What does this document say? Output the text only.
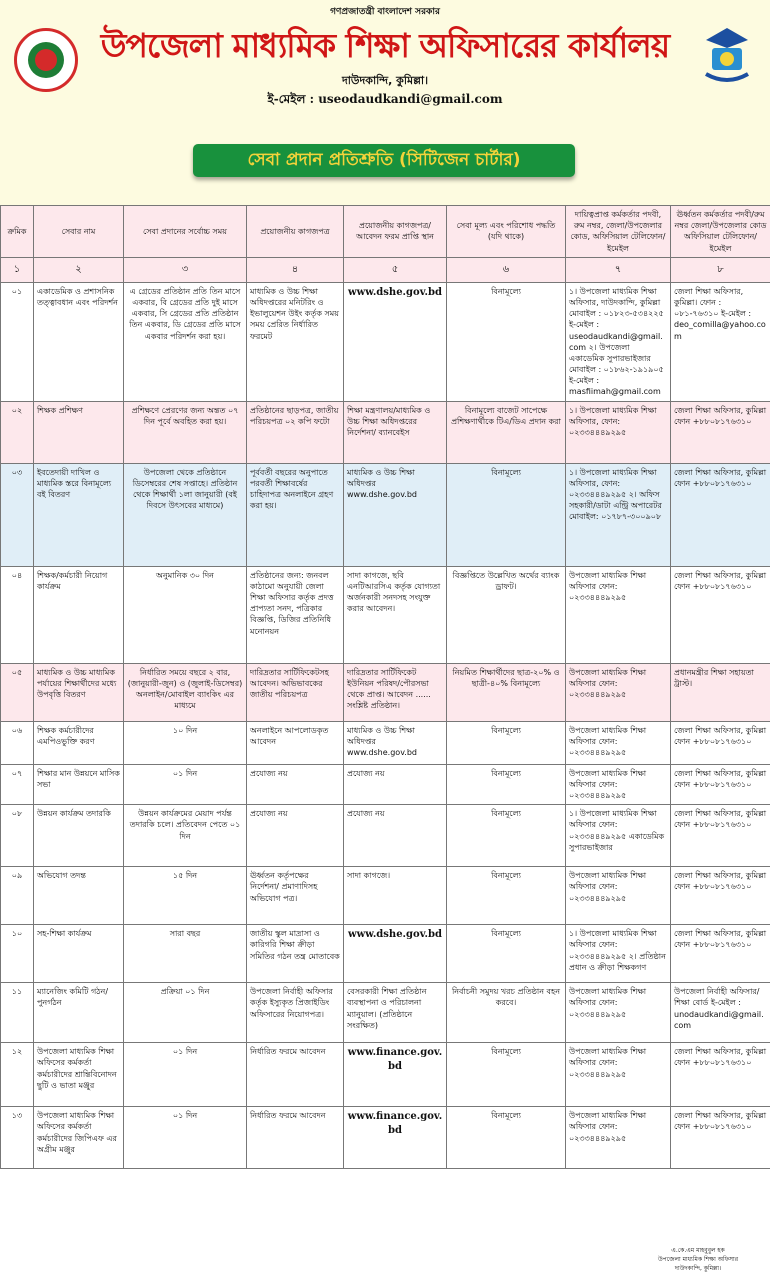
গণপ্রজাতন্ত্রী বাংলাদেশ সরকার
উপজেলা মাধ্যমিক শিক্ষা অফিসারের কার্যালয়
দাউদকান্দি, কুমিল্লা।
ই-মেইল : useodaudkandi@gmail.com
সেবা প্রদান প্রতিশ্রুতি (সিটিজেন চার্টার)
ক্রমিক	সেবার নাম	সেবা প্রদানের সর্বোচ্চ সময়	প্রয়োজনীয় কাগজপত্র	প্রয়োজনীয় কাগজপত্র/ আবেদন ফরম প্রাপ্তি স্থান	সেবা মূল্য এবং পরিশোধ পদ্ধতি (যদি থাকে)	দায়িত্বপ্রাপ্ত কর্মকর্তার পদবী, রুম নম্বর, জেলা/উপজেলার কোড, অফিসিয়াল টেলিফোন/ইমেইল	ঊর্ধ্বতন কর্মকর্তার পদবী/রুম নম্বর জেলা/উপজেলার কোড অফিসিয়াল টেলিফোন/ইমেইল
১	২	৩	৪	৫	৬	৭	৮
০১	একাডেমিক ও প্রশাসনিক তত্ত্বাবধান এবং পরিদর্শন	এ গ্রেডের প্রতিষ্ঠান প্রতি তিন মাসে একবার, বি গ্রেডের প্রতি দুই মাসে একবার, সি গ্রেডের প্রতি প্রতিষ্ঠান তিন একবার, ডি গ্রেডের প্রতি মাসে একবার পরিদর্শন করা হয়।	মাধ্যমিক ও উচ্চ শিক্ষা অধিদপ্তরের মনিটরিং ও ইভালুয়েশন উইং কর্তৃক সময় সময় প্রেরিত নির্ধারিত ফরমেট	www.dshe.gov.bd	বিনামূল্যে	১। উপজেলা মাধ্যমিক শিক্ষা অফিসার, দাউদকান্দি, কুমিল্লা মোবাইল : ০১৮২৩-৫৩৪২২৫ ই-মেইল : useodaudkandi@gmail.com ২। উপজেলা একাডেমিক সুপারভাইজার মোবাইল : ০১৮৬২-১৯১৯০৫ ই-মেইল : masfiimah@gmail.com	জেলা শিক্ষা অফিসার, কুমিল্লা। ফোন : ০৮১-৭৬৩১০ ই-মেইল : deo_comilla@yahoo.com
০২	শিক্ষক প্রশিক্ষণ	প্রশিক্ষণে প্রেরণের জন্য অন্তত ০৭ দিন পূর্বে অবহিত করা হয়।	প্রতিষ্ঠানের ছাড়পত্র, জাতীয় পরিচয়পত্র ০২ কপি ফটো	শিক্ষা মন্ত্রণালয়/মাধ্যমিক ও উচ্চ শিক্ষা অধিদপ্তরের নির্দেশনা/ ব্যানবেইস	বিনামূল্যে বাজেট সাপেক্ষে প্রশিক্ষণার্থীকে টিএ/ডিএ প্রদান করা	১। উপজেলা মাধ্যমিক শিক্ষা অফিসার, ফোন: ০২৩৩৪৪৪৯২৯৫	জেলা শিক্ষা অফিসার, কুমিল্লা ফোন +৮৮০৮১৭৬৩১০
০৩	ইবতেদায়ী দাখিল ও মাধ্যমিক স্তরে বিনামূল্যে বই বিতরণ	উপজেলা থেকে প্রতিষ্ঠানে ডিসেম্বরের শেষ সপ্তাহে। প্রতিষ্ঠান থেকে শিক্ষার্থী ১লা জানুয়ারী (বই দিবসে উৎসবের মাধ্যমে)	পূর্ববর্তী বছরের অনুপাতে পরবর্তী শিক্ষাবর্ষের চাহিদাপত্র অনলাইনে গ্রহণ করা হয়।	মাধ্যমিক ও উচ্চ শিক্ষা অধিদপ্তর www.dshe.gov.bd	বিনামূল্যে	১। উপজেলা মাধ্যমিক শিক্ষা অফিসার, ফোন: ০২৩৩৪৪৪৯২৯৫ ২। অফিস সহকারী/ডাটা এন্ট্রি অপারেটর মোবাইল: ০১৭৮৭-৩০০৯০৮	জেলা শিক্ষা অফিসার, কুমিল্লা ফোন +৮৮০৮১৭৬৩১০
০৪	শিক্ষক/কর্মচারী নিয়োগ কার্যক্রম	অনুমানিক ৩০ দিন	প্রতিষ্ঠানের জন্য: জনবল কাঠামো অনুযায়ী জেলা শিক্ষা অফিসার কর্তৃক প্রদত্ত প্রাপ্যতা সনদ, পত্রিকার বিজ্ঞপ্তি, ডিজির প্রতিনিধি মনোনয়ন	সাদা কাগজে, ছবি এনটিআরসিএ কর্তৃক যোগ্যতা অর্জনকারী সনদসহ সংযুক্ত করার আবেদন।	বিজ্ঞপ্তিতে উল্লেখিত অর্থের ব্যাংক ড্রাফট।	উপজেলা মাধ্যমিক শিক্ষা অফিসার ফোন: ০২৩৩৪৪৪৯২৯৫	জেলা শিক্ষা অফিসার, কুমিল্লা ফোন +৮৮০৮১৭৬৩১০
০৫	মাধ্যমিক ও উচ্চ মাধ্যমিক পর্যায়ের শিক্ষার্থীদের মধ্যে উপবৃত্তি বিতরণ	নির্ধারিত সময়ে বছরে ২ বার, (জানুয়ারী-জুন) ও (জুলাই-ডিসেম্বর) অনলাইন/মোবাইল ব্যাংকিং এর মাধ্যমে	দারিদ্রতার সার্টিফিকেটসহ আবেদন। অভিভাবকের জাতীয় পরিচয়পত্র	দারিদ্রতার সার্টিফিকেট ইউনিয়ন পরিষদ/পৌরসভা থেকে প্রাপ্ত। আবেদন ...... সংশ্লিষ্ট প্রতিষ্ঠান।	নিয়মিত শিক্ষার্থীদের ছাত্র-২০% ও ছাত্রী-৪০% বিনামূল্যে	উপজেলা মাধ্যমিক শিক্ষা অফিসার ফোন: ০২৩৩৪৪৪৯২৯৫	প্রধানমন্ত্রীর শিক্ষা সহায়তা ট্রাস্ট।
০৬	শিক্ষক কর্মচারীদের এমপিওভুক্তি করণ	১০ দিন	অনলাইনে আপলোডকৃত আবেদন	মাধ্যমিক ও উচ্চ শিক্ষা অধিদপ্তর www.dshe.gov.bd	বিনামূল্যে	উপজেলা মাধ্যমিক শিক্ষা অফিসার ফোন: ০২৩৩৪৪৪৯২৯৫	জেলা শিক্ষা অফিসার, কুমিল্লা ফোন +৮৮০৮১৭৬৩১০
০৭	শিক্ষার মান উন্নয়নে মাসিক সভা	০১ দিন	প্রযোজ্য নয়	প্রযোজ্য নয়	বিনামূল্যে	উপজেলা মাধ্যমিক শিক্ষা অফিসার ফোন: ০২৩৩৪৪৪৯২৯৫	জেলা শিক্ষা অফিসার, কুমিল্লা ফোন +৮৮০৮১৭৬৩১০
০৮	উন্নয়ন কার্যক্রম তদারকি	উন্নয়ন কার্যক্রমের মেয়াদ পর্যন্ত তদারকি চলে। প্রতিবেদন পেতে ০১ দিন	প্রযোজ্য নয়	প্রযোজ্য নয়	বিনামূল্যে	১। উপজেলা মাধ্যমিক শিক্ষা অফিসার ফোন: ০২৩৩৪৪৪৯২৯৫ একাডেমিক সুপারভাইজার	জেলা শিক্ষা অফিসার, কুমিল্লা ফোন +৮৮০৮১৭৬৩১০
০৯	অভিযোগ তদন্ত	১৫ দিন	ঊর্ধ্বতন কর্তৃপক্ষের নির্দেশনা/ প্রমাণাদিসহ অভিযোগ পত্র।	সাদা কাগজে।	বিনামূল্যে	উপজেলা মাধ্যমিক শিক্ষা অফিসার ফোন: ০২৩৩৪৪৪৯২৯৫	জেলা শিক্ষা অফিসার, কুমিল্লা ফোন +৮৮০৮১৭৬৩১০
১০	সহ-শিক্ষা কার্যক্রম	সারা বছর	জাতীয় স্কুল মাদ্রাসা ও কারিগরি শিক্ষা ক্রীড়া সমিতির গঠন তন্ত্র মোতাবেক	www.dshe.gov.bd	বিনামূল্যে	১। উপজেলা মাধ্যমিক শিক্ষা অফিসার ফোন: ০২৩৩৪৪৪৯২৯৫ ২। প্রতিষ্ঠান প্রধান ও ক্রীড়া শিক্ষকগণ	জেলা শিক্ষা অফিসার, কুমিল্লা ফোন +৮৮০৮১৭৬৩১০
১১	ম্যানেজিং কমিটি গঠন/পুনর্গঠন	প্রক্রিয়া ০১ দিন	উপজেলা নির্বাহী অফিসার কর্তৃক ইস্যুকৃত প্রিজাইডিং অফিসারের নিয়োগপত্র।	বেসরকারী শিক্ষা প্রতিষ্ঠান ব্যবস্থাপনা ও পরিচালনা ম্যানুয়াল। (প্রতিষ্ঠানে সংরক্ষিত)	নির্বাচনী সমুদয় খরচ প্রতিষ্ঠান বহন করবে।	উপজেলা মাধ্যমিক শিক্ষা অফিসার ফোন: ০২৩৩৪৪৪৯২৯৫	উপজেলা নির্বাহী অফিসার/শিক্ষা বোর্ড ই-মেইল : unodaudkandi@gmail.com
১২	উপজেলা মাধ্যমিক শিক্ষা অফিসের কর্মকর্তা কর্মচারীদের শ্রান্তিবিনোদন ছুটি ও ভাতা মঞ্জুর	০১ দিন	নির্ধারিত ফরমে আবেদন	www.finance.gov.bd	বিনামূল্যে	উপজেলা মাধ্যমিক শিক্ষা অফিসার ফোন: ০২৩৩৪৪৪৯২৯৫	জেলা শিক্ষা অফিসার, কুমিল্লা ফোন +৮৮০৮১৭৬৩১০
১৩	উপজেলা মাধ্যমিক শিক্ষা অফিসের কর্মকর্তা কর্মচারীদের জিপিএফ এর অগ্রীম মঞ্জুর	০১ দিন	নির্ধারিত ফরমে আবেদন	www.finance.gov.bd	বিনামূল্যে	উপজেলা মাধ্যমিক শিক্ষা অফিসার ফোন: ০২৩৩৪৪৪৯২৯৫	জেলা শিক্ষা অফিসার, কুমিল্লা ফোন +৮৮০৮১৭৬৩১০
এ.কে.এম মাহবুবুল হক
উপজেলা মাধ্যমিক শিক্ষা অফিসার
দাউদকান্দি, কুমিল্লা।
